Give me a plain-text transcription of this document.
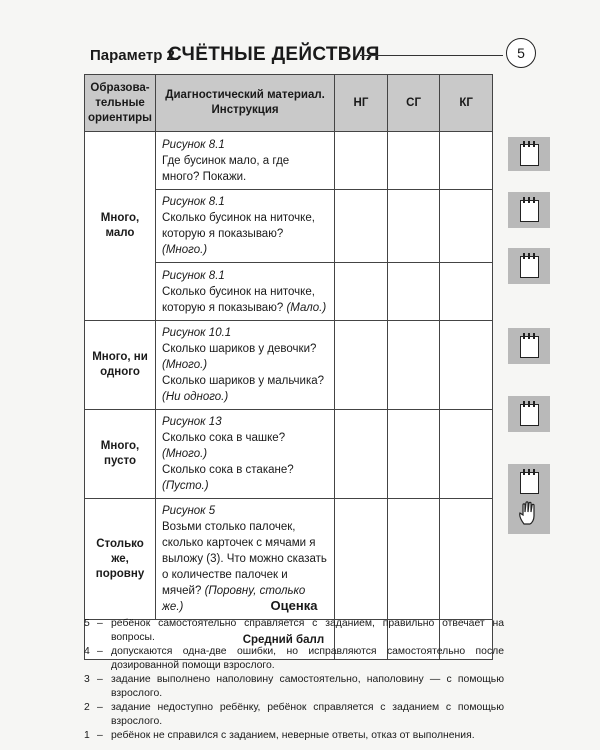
Параметр 2.
СЧЁТНЫЕ ДЕЙСТВИЯ	5
Образова-тельные ориентиры	Диагностический материал. Инструкция	НГ	СГ	КГ
Много, мало	Рисунок 8.1
Где бусинок мало, а где много? Покажи.			

	Рисунок 8.1
Сколько бусинок на ниточке, которую я показываю? (Много.)			

	Рисунок 8.1
Сколько бусинок на ниточке, которую я показываю? (Мало.)			
Много, ни одного	Рисунок 10.1
Сколько шариков у девочки? (Много.)
Сколько шариков у мальчика? (Ни одного.)			
Много, пусто	Рисунок 13
Сколько сока в чашке? (Много.)
Сколько сока в стакане? (Пусто.)			
Столько же, поровну	Рисунок 5
Возьми столько палочек, сколько карточек с мячами я выложу (3). Что можно сказать о количестве палочек и мячей? (Поровну, столько же.)			
Средний балл				
Оценка
5 – ребёнок самостоятельно справляется с заданием, правильно отвечает на вопросы.
4 – допускаются одна-две ошибки, но исправляются самостоятельно после дозированной помощи взрослого.
3 – задание выполнено наполовину самостоятельно, наполовину — с помощью взрослого.
2 – задание недоступно ребёнку, ребёнок справляется с заданием с помощью взрослого.
1 – ребёнок не справился с заданием, неверные ответы, отказ от выполнения.
